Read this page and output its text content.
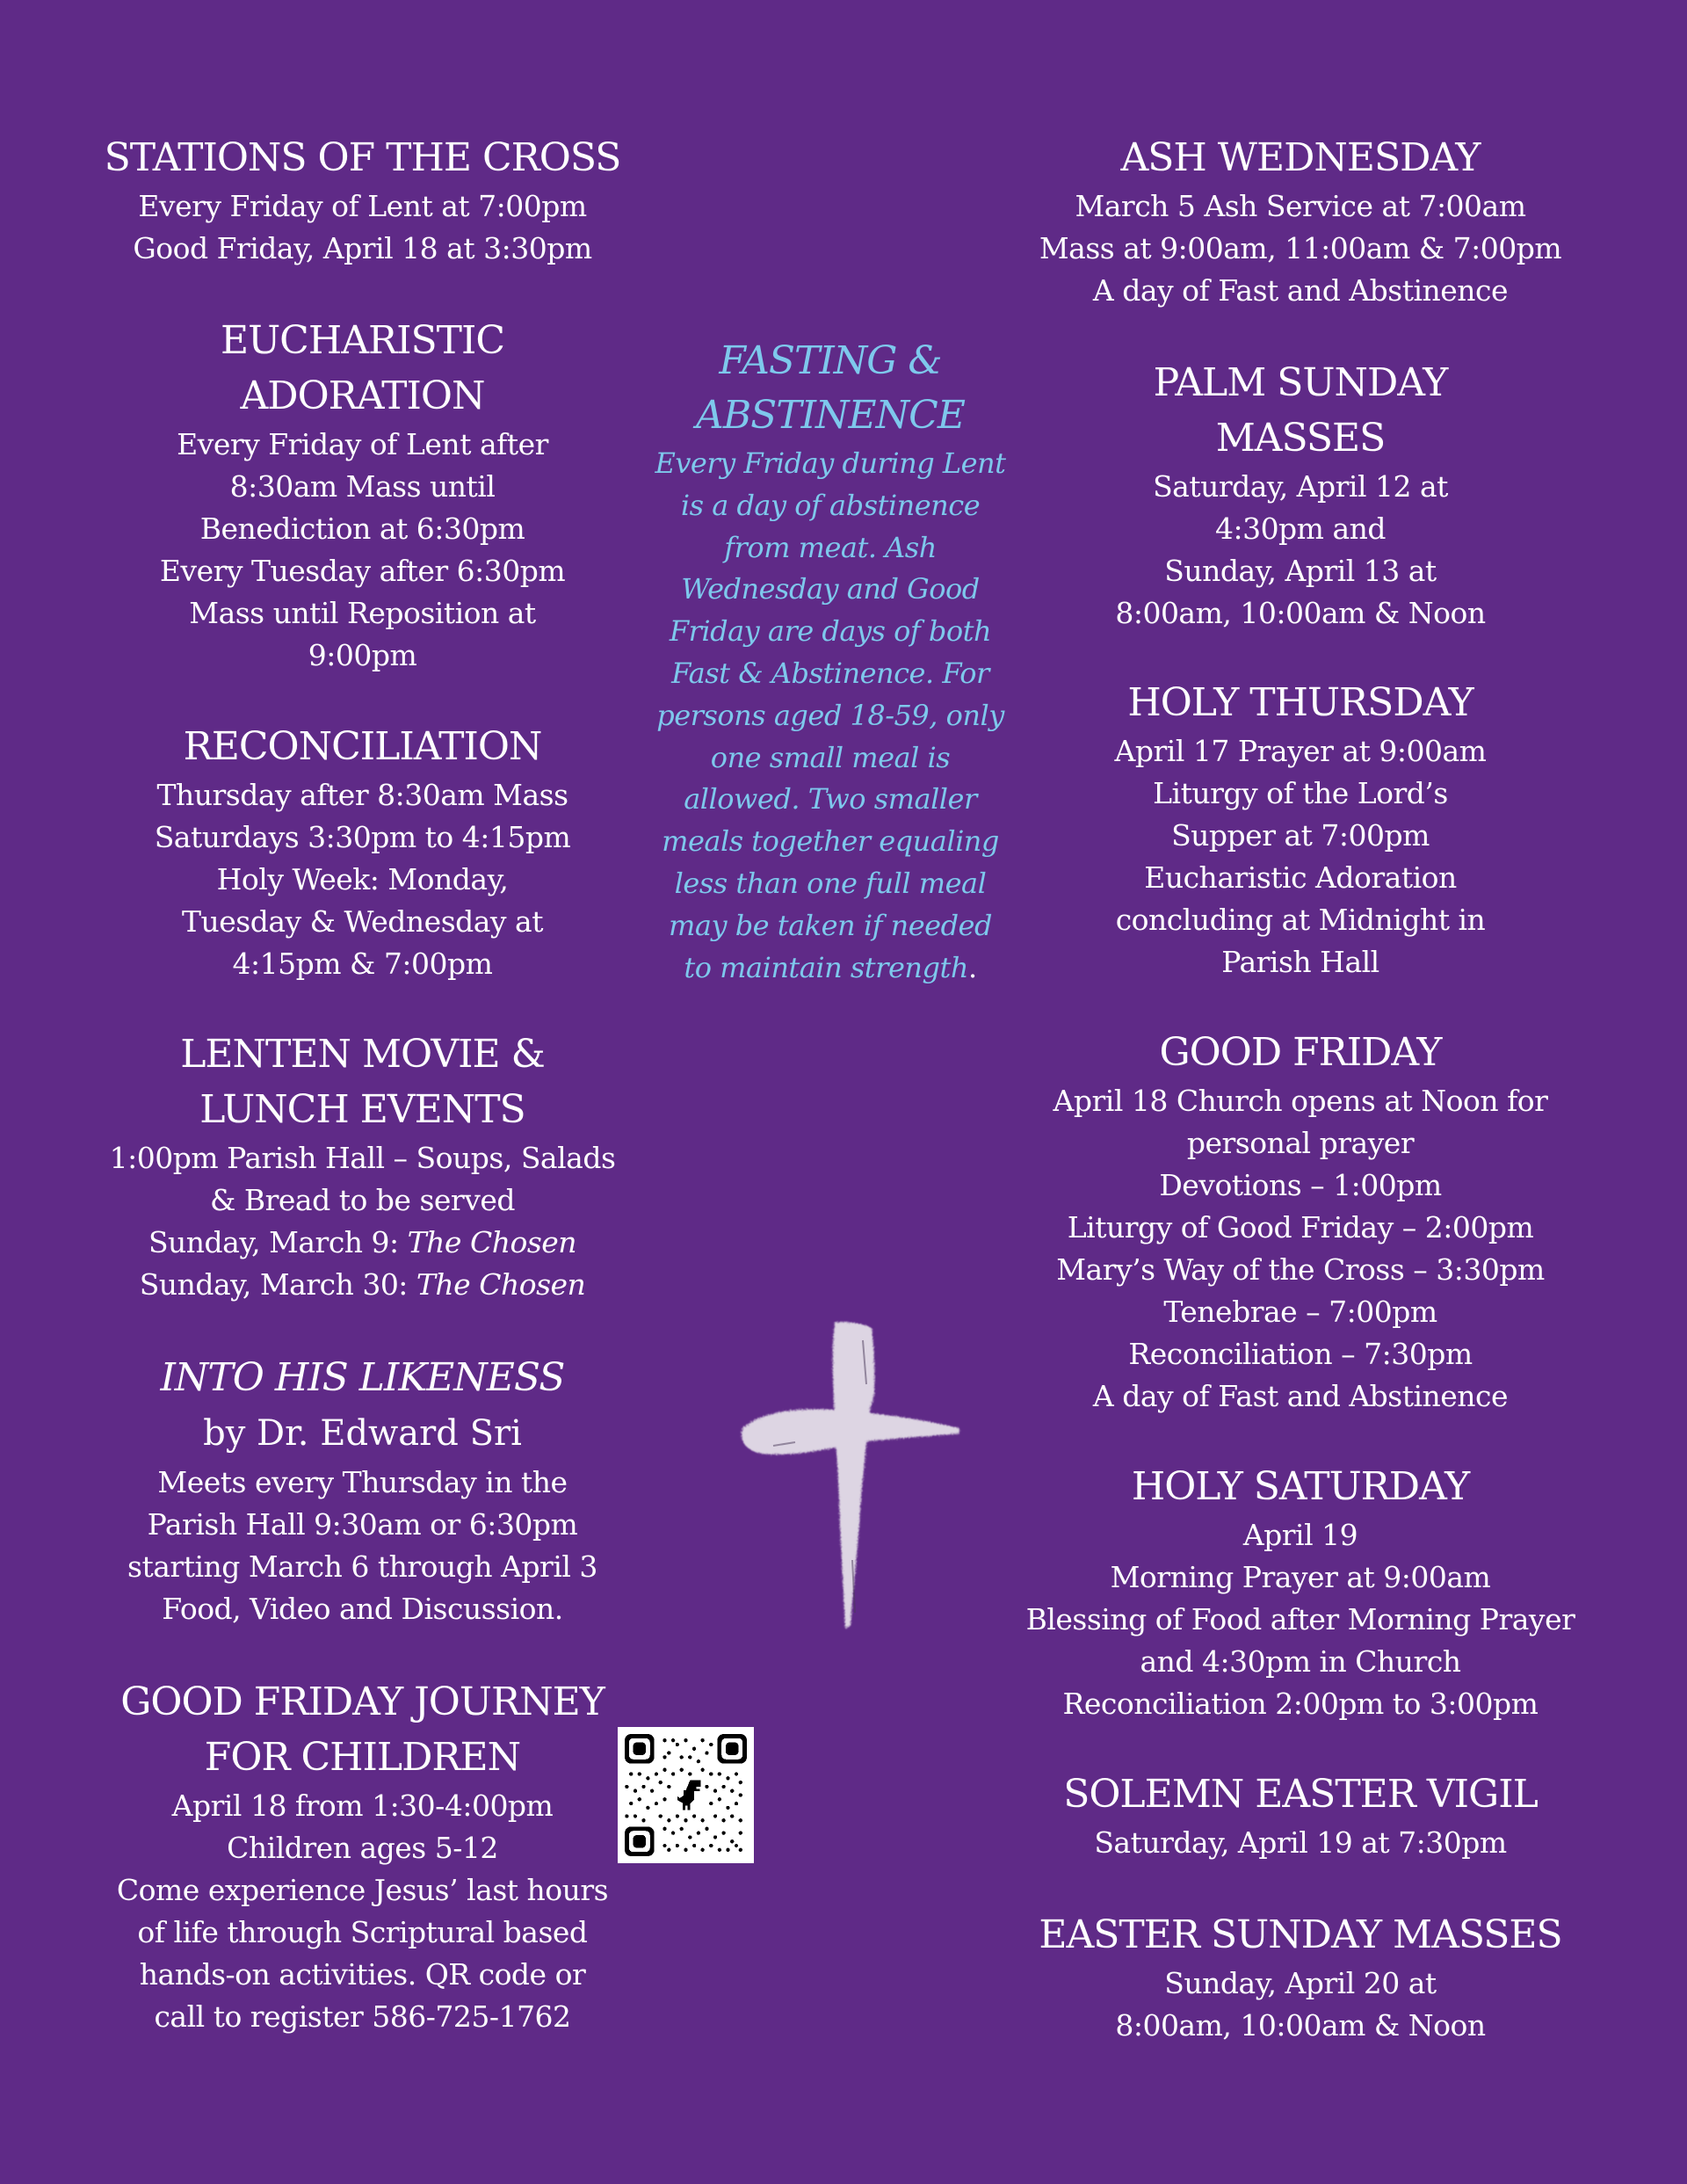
STATIONS OF THE CROSS

Every Friday of Lent at 7:00pm

Good Friday, April 18 at 3:30pm

EUCHARISTIC
ADORATION

Every Friday of Lent after

8:30am Mass until

Benediction at 6:30pm

Every Tuesday after 6:30pm

Mass until Reposition at

9:00pm

RECONCILIATION

Thursday after 8:30am Mass

Saturdays 3:30pm to 4:15pm

Holy Week: Monday,

Tuesday & Wednesday at

4:15pm & 7:00pm

LENTEN MOVIE &
LUNCH EVENTS

1:00pm Parish Hall – Soups, Salads

& Bread to be served

Sunday, March 9: The Chosen

Sunday, March 30: The Chosen

INTO HIS LIKENESS

by Dr. Edward Sri

Meets every Thursday in the

Parish Hall 9:30am or 6:30pm

starting March 6 through April 3

Food, Video and Discussion.

GOOD FRIDAY JOURNEY
FOR CHILDREN

April 18 from 1:30-4:00pm

Children ages 5-12

Come experience Jesus’ last hours

of life through Scriptural based

hands-on activities. QR code or

call to register 586-725-1762

FASTING &
ABSTINENCE

Every Friday during Lent

is a day of abstinence

from meat. Ash

Wednesday and Good

Friday are days of both

Fast & Abstinence. For

persons aged 18-59, only

one small meal is

allowed. Two smaller

meals together equaling

less than one full meal

may be taken if needed

to maintain strength.

ASH WEDNESDAY

March 5 Ash Service at 7:00am

Mass at 9:00am, 11:00am & 7:00pm

A day of Fast and Abstinence

PALM SUNDAY
MASSES

Saturday, April 12 at

4:30pm and

Sunday, April 13 at

8:00am, 10:00am & Noon

HOLY THURSDAY

April 17 Prayer at 9:00am

Liturgy of the Lord’s

Supper at 7:00pm

Eucharistic Adoration

concluding at Midnight in

Parish Hall

GOOD FRIDAY

April 18 Church opens at Noon for

personal prayer

Devotions – 1:00pm

Liturgy of Good Friday – 2:00pm

Mary’s Way of the Cross – 3:30pm

Tenebrae – 7:00pm

Reconciliation – 7:30pm

A day of Fast and Abstinence

HOLY SATURDAY

April 19

Morning Prayer at 9:00am

Blessing of Food after Morning Prayer

and 4:30pm in Church

Reconciliation 2:00pm to 3:00pm

SOLEMN EASTER VIGIL

Saturday, April 19 at 7:30pm

EASTER SUNDAY MASSES

Sunday, April 20 at

8:00am, 10:00am & Noon
